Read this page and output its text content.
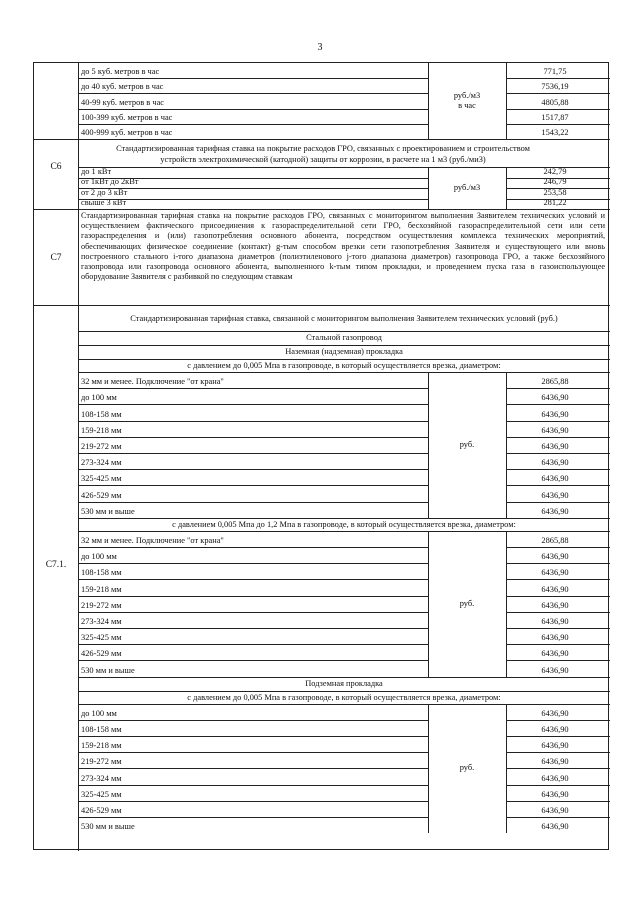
3
до 5 куб. метров в час	771,75
до 40 куб. метров в час	7536,19
40-99 куб. метров в час	4805,88
100-399 куб. метров в час	1517,87
400-999 куб. метров в час	1543,22
руб./м3
в час
Стандартизированная тарифная ставка на покрытие расходов ГРО, связанных с проектированием и строительством устройств электрохимической (катодной) защиты от коррозии, в расчете на 1 м3 (руб./миЗ)
до 1 кВт	242,79
от 1кВт до 2кВт	246,79
от 2 до 3 кВт	253,58
свыше 3 кВт	281,22
руб./м3
С6
Стандартизированная тарифная ставка на покрытие расходов ГРО, связанных с мониторингом выполнения Заявителем технических условий и осуществлением фактического присоединения к газораспределительной сети ГРО, бесхозяйной газораспределительной сети или сети газораспределения и (или) газопотребления основного абонента, посредством осуществления комплекса технических мероприятий, обеспечивающих физическое соединение (контакт) g-тым способом врезки сети газопотребления Заявителя и существующего или вновь построенного стального i-того диапазона диаметров (полиэтиленового j-того диапазона диаметров) газопровода ГРО, а также бесхозяйного газопровода или газопровода основного абонента, выполненного k-тым типом прокладки, и проведением пуска газа в газоиспользующее оборудование Заявителя с разбивкой по следующим ставкам
С7
Стандартизированная тарифная ставка, связанной с мониторингом выполнения Заявителем технических условий (руб.)
Стальной газопровод
Наземная (надземная) прокладка
с давлением до 0,005 Мпа в газопроводе, в который осуществляется врезка, диаметром:
32 мм и менее. Подключение "от крана"	2865,88
до 100 мм	6436,90
108-158 мм	6436,90
159-218 мм	6436,90
219-272 мм	6436,90
273-324 мм	6436,90
325-425 мм	6436,90
426-529 мм	6436,90
530 мм и выше	6436,90
руб.
с давлением 0,005 Мпа до 1,2 Мпа в газопроводе, в который осуществляется врезка, диаметром:
32 мм и менее. Подключение "от крана"	2865,88
до 100 мм	6436,90
108-158 мм	6436,90
159-218 мм	6436,90
219-272 мм	6436,90
273-324 мм	6436,90
325-425 мм	6436,90
426-529 мм	6436,90
530 мм и выше	6436,90
руб.
Подземная прокладка
с давлением до 0,005 Мпа в газопроводе, в который осуществляется врезка, диаметром:
до 100 мм	6436,90
108-158 мм	6436,90
159-218 мм	6436,90
219-272 мм	6436,90
273-324 мм	6436,90
325-425 мм	6436,90
426-529 мм	6436,90
530 мм и выше	6436,90
руб.
С7.1.
